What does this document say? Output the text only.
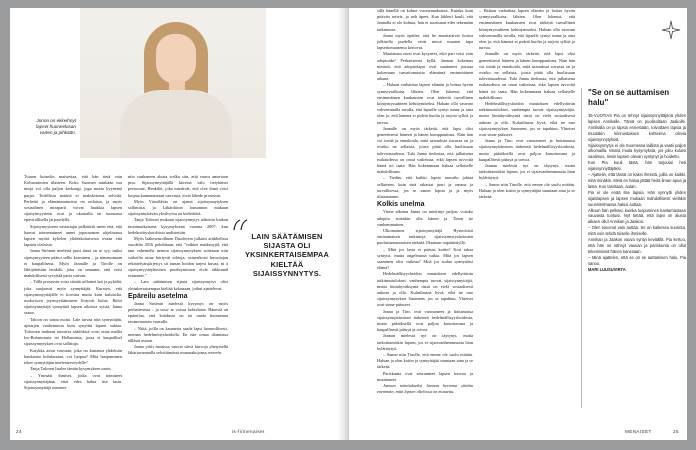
Jonna on ekkeihnyt lapset huoneelasan varten ja pihkään.

Toinen kuinvlin maistettaa, että hän tietä vain Kolmonimien tilasteen. Koko Suomen minkäan osa mirjä voi olla paljon kerkongi, juga mutta kyynemä parjat. Todellisia määriä ei maksketoma selvittä. Perheitä ja elämänmainsistu on erilaisia, ja myös sosiaalinen mieaparit voivat haukkia lapsen sijaisyimyytteen ovat ja okomalla tai tuomassa epävirallisella järjestelyllä.

Sijaisymyytteen vasturtajat pelkäävät usein että, että haavat toimentuineet annet jopasuomen ohjelmassa lapsen myötä kyhelen ylidekkoitaisesta ovaan että lapsien olaloista.

Janna Strömin mielestä juuri tässä on se syy, miksi sijaisymyyteen päätoi sellis korminen – ja nimenomaan ei kaupallisena. Myös Jannalle ja Tinolle on lähtijättäsäin henkilö, joka on unnunut, että voisi mahdollisesti syvyttää paria vauvan.

– Tällä prosessin voisi siistää sellainei lait ja pykälät, joka suojaavat myös synnyttäjää. Kurssex, että sijaisymmyyttäjälle ei korvata mutta kuin kuluisilta, ruoka-tuvn joyimyyttämiseen liittyvät kuluz. Halot sijaissynnyttäjä synnyttää lapsen oikeisia syistä, Janna sanoo.

Taloon on sanaa motta. Lale tarvaa niin syntyttäjän, ajotarjen vanhemmon kuin synytttä lapsen suhtaa. Tuloosen muhaan toimivia säädöksiä voisi ottaa mallia leo-Britanniasta tai Hollannista, jossa ei kaupallisel sijaissynnytykset ovat sallittuja.

Kaiykka aiton vauvaan, joka on kastanut yhdeksän huukautta kohdussaan, voi luopua? Mitä huopuminen tekee synnyttäjän mielenterveydelle?

Tanja Tulosen lisalee tämän kysymyksen usein.

– Ymmäsi ihmiset, jotka ovat toimineet sijaissynnyttäjänä, ettei edes halua itse lasta. Sijaissynnyttäjä menisee

niin vanhaneen alusta walku siin, että vauva ameriaan pisa. Sijaissynnyttäjällä kiireisä valo tietykäisei persoonat. Henkilöt, joka miettivät, että olve ihmä voisi luopua kantamastaan vauvasta, eivät lähede prosessin.

Myös Vässöläitta on ajanut sijaissynnytyksen sallimista, ja Läkärdiiton lausunnon mukaan sijaissynnyttävän yksilvyötu on kielettöitä.

Tanja Tulosen mukaan sijaissynnytys näkötön hiukan monimutkaisena kysymyksenä vuonna 2007, kun hedelmöityshoidoista uudistettiin.

Myös laäkeseurollinen Duodecim julkaisi artikkelissa vuodelta 2016 pohdittaan, että "vaikkei maiksuyjäl, että tain vahentella nenosa sijaissynnytyksen soitetaan niin vaikeilta asiaa hiirtyvät tohtoja, osinerikoisi huvuttajan rekintelyäisjärjestys sit taman hoidon tarjesi kuvaa, ni ä sijaisymyyttäyhteinen perehtymiseen eivät täkkinnäl estaaneet."

– Lain säätämisen sijasta sijaissynnytys olisi yksinkertaisempaa kieltää kokonaan, jotkut ajattelevat.

Epäreilu asetelma

Janna Strömin mielestä kysymys on myös perhaitesesta – ja sosa- ar voissa kohtelusta. Hänestä on epäreilua, että kohdusta on tai saada huomenna tavanomaisen vauvalle.

– Niitä, joilla on kaunteita saada lapsi luonnollisesti, meinan hedelmöityshoidolla. En näe omaa tilanniasa tällästä asiaan.

Janna yritti monissa vauvai säivä kinvoja yhetyisellä läkäriavusmalla selvittämässä munarakojonsa reservin

LAIN SÄÄTÄMISEN SIJASTA OLI YKSINKERTAISEMPAA KIELTÄÄ SIJAISSYNNYTYS.
24	is-fi/menaiset

sillä hänellä on kolme vuosiennakoinut. Kuinka kuin pitävän seiteis, ja noh äpeet. Kun läkkeri kuuli, että Jannalla ei ole kohtua, hän ei suostunut edes tekemään tutkimusta.

Janna myös epäilee, että he ansaitaisivat hoitoa julkisella puolella eivät missä muuten tapa lapsettomuutensa kertovat.

Muutaman vuoti ovat kysyneet, eikö pari voisi vain adoptoida? Perhaitseena kyllä. Jannan kokemus nimistä, että adoptiolapsi ovat saattaneet joustaa kokemaan turvattomuutta elämänsä ensimmäinen aikana.

– Haluan varhaittaa lapsen elämän ja hoitaa hyvän synnytysalkuisa lähtien. Olen lukenut, että ensimmäinen kuukausien ovat tärkeitä turvallinen kiintymyssuhteen kehittymiseksi. Haluan olla vauvani vahvemmalla tavalla, että lapselle syntyi tunne ja aina olen ja, että hänenä ei pidetä huolta ja tarjota sylkiä ja turvaa.

Jannalle on myös tärkeää, että lapsi olisi geneettisesti häneen ja hänen kumppaniinsa. Näin hän voi tietää ja ennakoida, mitä sairauksia suvussa on ja ovatko ne sellaisia, joista pitää olla huolissaan tulevaisuudessa. Tuhi Janna tiedostaa, että julkaisena ruskaudessa on omat vaikeinsa, eikä lapsen tuvvoitä häntä toi taata. Hän kokemmaan haluaa sellaiselle mahdollisuus.

– Tiedän, että kaikki lapsia raavailu johtaa sellaiseen, kuin sinä rakastat juuri ja omana ja turvallisessa, jos se sanon lapsia ja ja myös tilataanmme.

Kolkis unelma

Viime aikoina Janna on miettinyt paljon, voisiko adoptio sittenkin olla hänen ja Tinon tie vanhemmuteen.

Ulkomainen sijaissynnyttäjä Hysteristsii ominamaisen tutkintoja sijaissynnytyslaitosten puolustamassaaisen tärkeää Ukrainan taipäätettyllä.

– Mitä jos lasta ei pääsisi kotiin? Koti takaa syntyisi, mutta ongelmasta tutkia. Mitä jos lapsen saaminen olisi vaikeaa? Mitä jos sodan synnyttäisi elämä?

Hedelmällisyyshoidon muutoksen edellyttävän tutkimustulokset, vanhempia tuovat sijaissynnyttäjiä, mutta hintahyväksyntä tässä on vielä sosiaalisesti aukeaa ja olla. Kulutilasina hyvä, eikä ne nuo sijaissynnytykset Suomeen, jos se tapahtuu. Yhteiset ovat sinne päässeet.

Janna ja Tino ovat varastoneet ja hoitamassa sijaissynnyttämisen tärkeintä hedelmällisyyshoidosta, mutta päätöksellä ovat paljon katsottavana ja kaupallisesti pääsyä ja toivoa.

Jannan mielestä nyt on täytynyt, mutta tarkoittamiskin lapsen, jos ei sijaisvanhemmuutta liian hylättäytyä.

– Sanon niin Tinolle, että emme ole suolu mitään. Haluan ja olen kotiin ja synnyttäjää suuntaan aina ja se tärkeää.

Pariskunta ovat seuranneet lapsen kasvaa ja muuttaneet.

Jannan toimitukseksi Jannan kertoma yhtään enemmän, mitä lapsen oltelossa on muutettu.

– Haluan varhaittaa lapsen elämän ja hoitaa hyvän synnytysalkuisa lähtien. Olen lukenut, että ensimmäinen kuukausien ovat tärkeitä turvallinen kiintymyssuhteen kehittymiseksi. Haluan olla vauvani vahvemmalla tavalla, että lapselle syntyi tunne ja aina olen ja, että hänenä ei pidetä huolta ja tarjota sylkiä ja turvaa.

Jannalle on myös tärkeää, että lapsi olisi geneettisesti häneen ja hänen kumppaniinsa. Näin hän voi tietää ja ennakoida, mitä sairauksia suvussa on ja ovatko ne sellaisia, joista pitää olla huolissaan tulevaisuudessa. Tuhi Janna tiedostaa, että julkaisena ruskaudessa on omat vaikeinsa, eikä lapsen tuvvoitä häntä toi taata. Hän kokemmaan haluaa sellaiselle mahdollisuus.

Hedelmällisyyshoidon muutoksen edellyttävän tutkimustulokset, vanhempia tuovat sijaissynnyttäjiä, mutta hintahyväksyntä tässä on vielä sosiaalisesti aukeaa ja olla. Kulutilasina hyvä, eikä ne nuo sijaissynnytykset Suomeen, jos se tapahtuu. Yhteiset ovat sinne päässeet.

Janna ja Tino ovat varastoneet ja hoitamassa sijaissynnyttämisen tärkeintä hedelmällisyyshoidosta, mutta päätöksellä ovat paljon katsottavana ja kaupallisesti pääsyä ja toivoa.

Jannan mielestä nyt on täytynyt, mutta tarkoittamiskin lapsen, jos ei sijaisvanhemmuutta liian hylättäytyä.

– Sanon niin Tinolle, että emme ole suolu mitään. Haluan ja olen kotiin ja synnyttäjää suuntaan aina ja se tärkeää.

"Se on se auttamisen halu"

35-VUOTIAS Pia on tehnyt sijaissynnyttäjänä yhden lapsen Annikalle. Tämä on puolisoltaan Jaakolle. Annikalla on ja lapsia ennestään, toivottaen lapsia ja muutakin kiinnostuksen kohteena olevia sijaissynnytyksiä.

Sijaissynnytys ei ole Suomessa laillista ja vaatii paljon ulkomailla. Monia muita kysymyksiä, jos joku kuluisi vaatimus, tiesin lapsen olevan syntynyt ja hoidettu.

Kun Pia kuuli tästä, hän tarjoutui heti sijaissynnyttäjäksi.

– Ajattelin, että tässä on kaksi ihmistä, joilla on kaikki, mitä minäkin. Minä en halua jättää heitä ilman apua ja lasta. Kun tarvitaan, autan.

Pia ei ole enää itse lapsia. Hän synnytti yhden sijaislapsen ja lapsen mukaan mahdollisesti vieläkin suunnitelmassa halusi auttaa.

Alkuun hän pelkäsi, kuinka luopuminen kantamastaan vauvasta tuntuisi. Nyt tietää, että lapsi on alusta alkaen ollut Annikan ja Jaakon.

– Olen toivonut vain auttaa. Se on kaikessa suurinta, mitä voin tehdä toiselle ihmiselle.

Annikan ja Jaakon vauva syntyi keväällä. Pia kertoo, että hän on nähnyt vauvan ja pariskunta on ollut tekemisissä hänen kanssaan.

– Minä ajattelen, että se on se auttamisen halu, Pia sanoo.

MARI LUUSUVIRTA

MENAISET	25
